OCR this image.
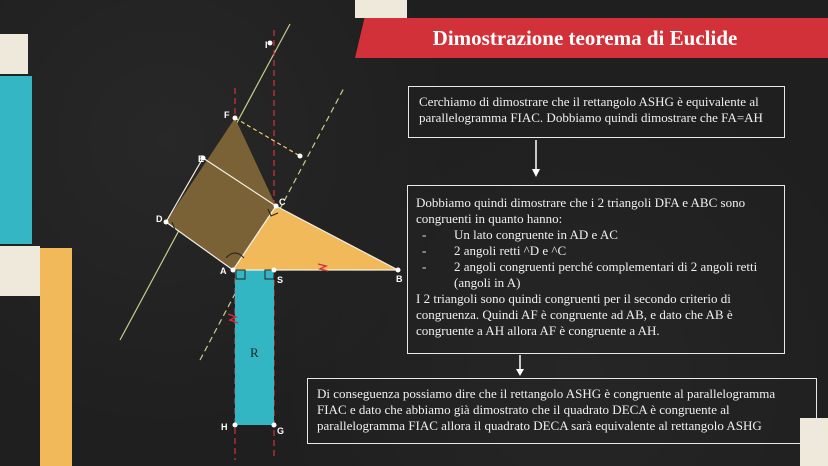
Dimostrazione teorema di Euclide
I
F
E
C
D
A
S	B
H	G
R
Cerchiamo di dimostrare che il rettangolo ASHG è equivalente al parallelogramma FIAC. Dobbiamo quindi dimostrare che FA=AH
Dobbiamo quindi dimostrare che i 2 triangoli DFA e ABC sono congruenti in quanto hanno:
-	Un lato congruente in AD e AC
-	2 angoli retti ^D e ^C
-	2 angoli congruenti perché complementari di 2 angoli retti (angoli in A)
I 2 triangoli sono quindi congruenti per il secondo criterio di congruenza. Quindi AF è congruente ad AB, e dato che AB è congruente a AH allora AF è congruente a AH.
Di conseguenza possiamo dire che il rettangolo ASHG è congruente al parallelogramma FIAC e dato che abbiamo già dimostrato che il quadrato DECA è congruente al parallelogramma FIAC allora il quadrato DECA sarà equivalente al rettangolo ASHG
